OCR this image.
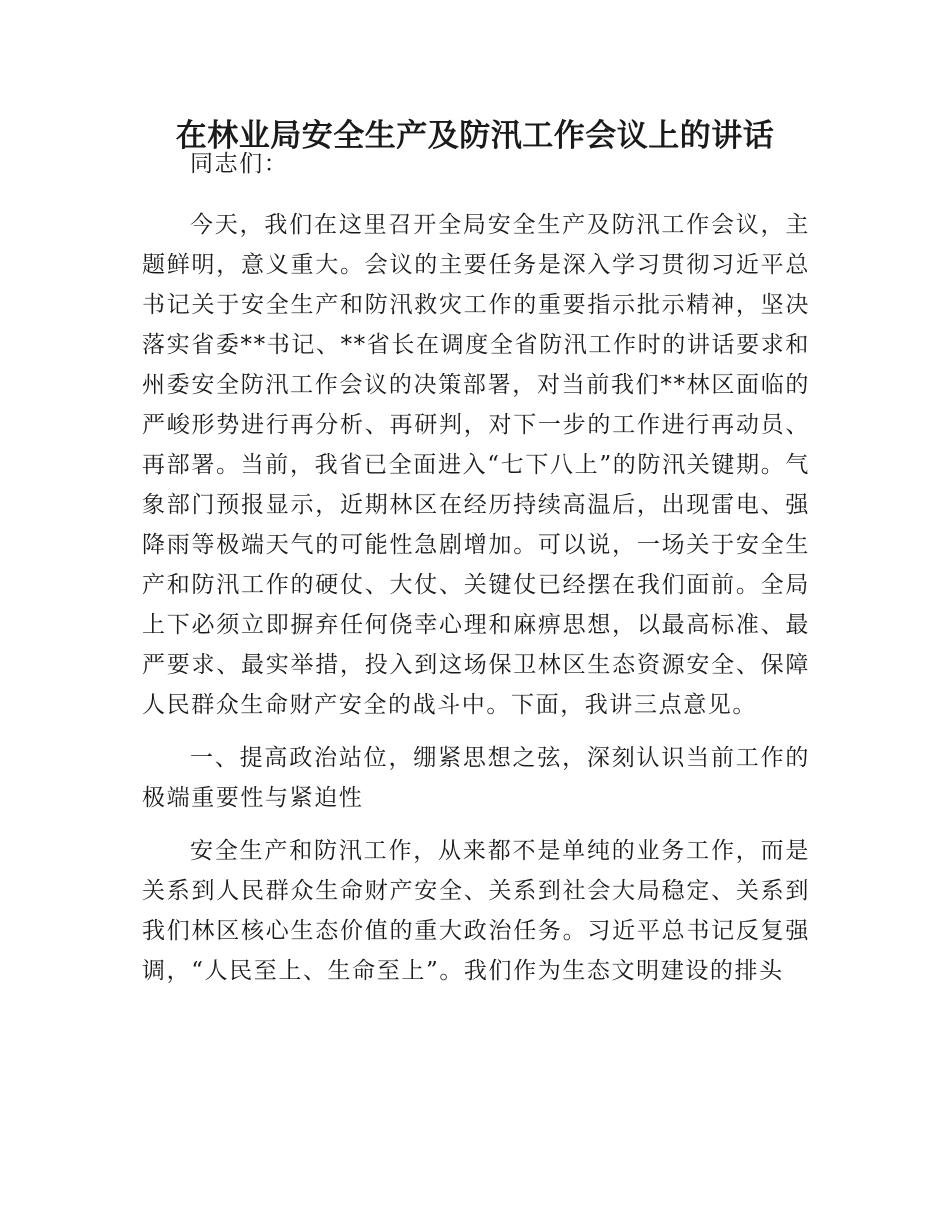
在林业局安全生产及防汛工作会议上的讲话

同志们：

今天，我们在这里召开全局安全生产及防汛工作会议，主题鲜明，意义重大。会议的主要任务是深入学习贯彻习近平总书记关于安全生产和防汛救灾工作的重要指示批示精神，坚决落实省委**书记、**省长在调度全省防汛工作时的讲话要求和州委安全防汛工作会议的决策部署，对当前我们**林区面临的严峻形势进行再分析、再研判，对下一步的工作进行再动员、再部署。当前，我省已全面进入“七下八上”的防汛关键期。气象部门预报显示，近期林区在经历持续高温后，出现雷电、强降雨等极端天气的可能性急剧增加。可以说，一场关于安全生产和防汛工作的硬仗、大仗、关键仗已经摆在我们面前。全局上下必须立即摒弃任何侥幸心理和麻痹思想，以最高标准、最严要求、最实举措，投入到这场保卫林区生态资源安全、保障人民群众生命财产安全的战斗中。下面，我讲三点意见。

一、提高政治站位，绷紧思想之弦，深刻认识当前工作的极端重要性与紧迫性

安全生产和防汛工作，从来都不是单纯的业务工作，而是关系到人民群众生命财产安全、关系到社会大局稳定、关系到我们林区核心生态价值的重大政治任务。习近平总书记反复强调，“人民至上、生命至上”。我们作为生态文明建设的排头
